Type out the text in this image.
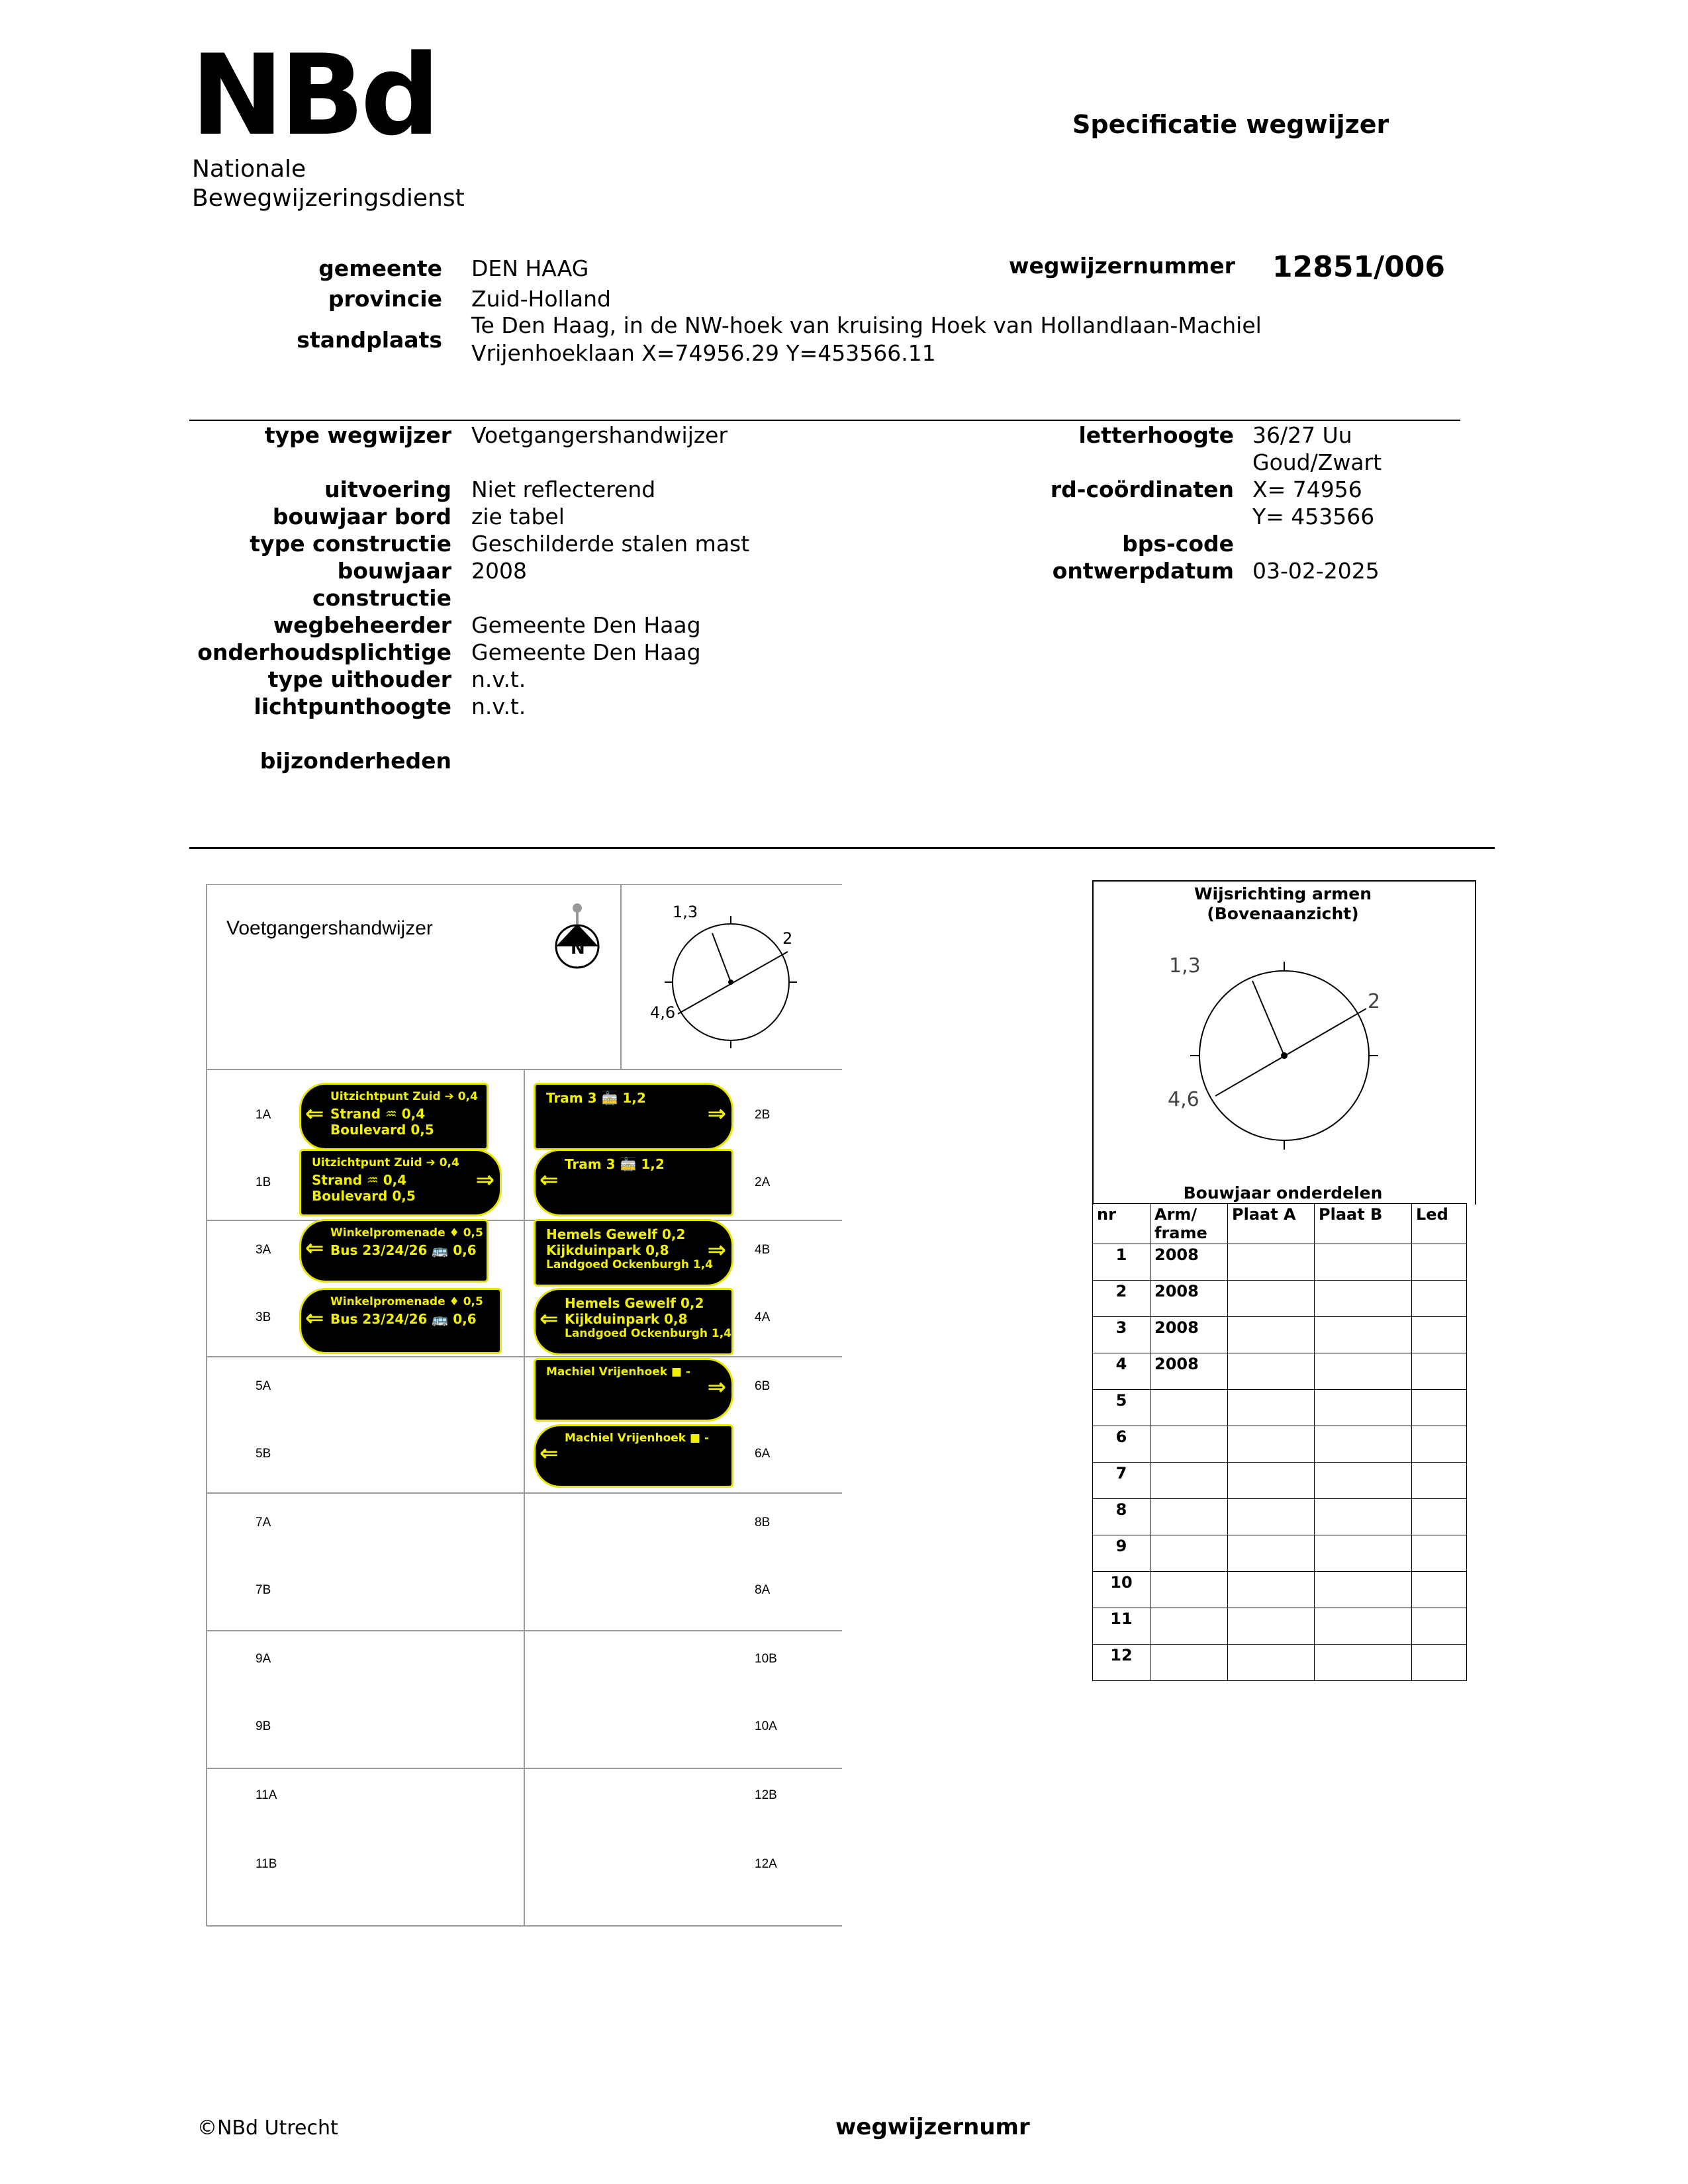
NBd
Nationale
Bewegwijzeringsdienst
Specificatie wegwijzer
gemeente DEN HAAG
provincie Zuid-Holland
standplaats
Te Den Haag, in de NW-hoek van kruising Hoek van Hollandlaan-Machiel
Vrijenhoeklaan X=74956.29 Y=453566.11
wegwijzernummer 12851/006
type wegwijzer Voetgangershandwijzer
uitvoering Niet reflecterend
bouwjaar bord zie tabel
type constructie Geschilderde stalen mast
bouwjaar 2008
constructie
wegbeheerder Gemeente Den Haag
onderhoudsplichtige Gemeente Den Haag
type uithouder n.v.t.
lichtpunthoogte n.v.t.
bijzonderheden
letterhoogte 36/27 Uu
Goud/Zwart
rd-coördinaten X= 74956
Y= 453566
bps-code
ontwerpdatum 03-02-2025
Voetgangershandwijzer
N
1,3
2
4,6
⇐
Uitzichtpunt Zuid ➔ 0,4
Strand ♒ 0,4
Boulevard 0,5
⇒
Uitzichtpunt Zuid ➔ 0,4
Strand ♒ 0,4
Boulevard 0,5
⇒
Tram 3 🚋 1,2
⇐
Tram 3 🚋 1,2
⇐
Winkelpromenade ♦ 0,5
Bus 23/24/26 🚌 0,6
⇐
Winkelpromenade ♦ 0,5
Bus 23/24/26 🚌 0,6
⇒
Hemels Gewelf 0,2
Kijkduinpark 0,8
Landgoed Ockenburgh 1,4
⇐
Hemels Gewelf 0,2
Kijkduinpark 0,8
Landgoed Ockenburgh 1,4
⇒
Machiel Vrijenhoek ■ -
⇐
Machiel Vrijenhoek ■ -
1A
1B
3A
3B
5A
5B
7A
7B
9A
9B
11A
11B
2B
2A
4B
4A
6B
6A
8B
8A
10B
10A
12B
12A
Wijsrichting armen
(Bovenaanzicht)
1,3
2
4,6
Bouwjaar onderdelen
nr	Arm/ frame	Plaat A	Plaat B	Led
1	2008			
2	2008			
3	2008			
4	2008			
5				
6				
7				
8				
9				
10				
11				
12				
©NBd Utrecht	wegwijzernumr
